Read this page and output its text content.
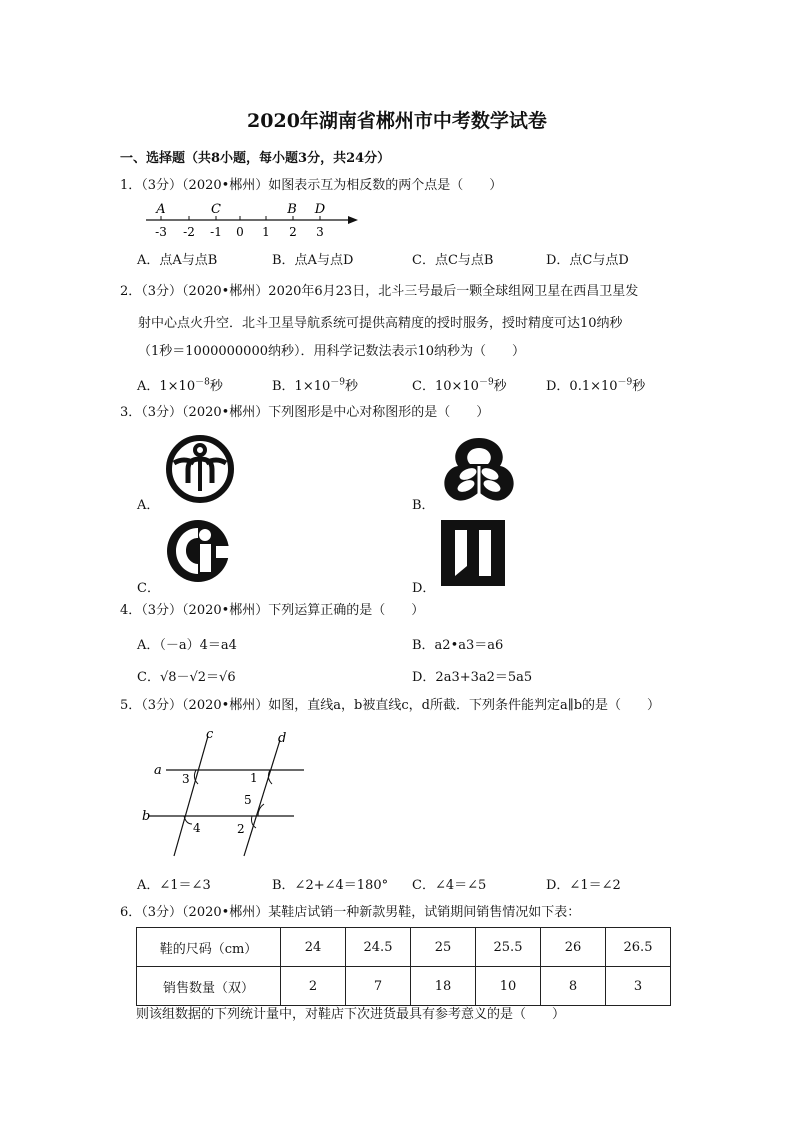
2020年湖南省郴州市中考数学试卷
一、选择题（共8小题，每小题3分，共24分）
1．（3分）（2020•郴州）如图表示互为相反数的两个点是（　　）
A	C	B D
-3 -2 -1 0 1 2 3
A．点A与点B	B．点A与点D	C．点C与点B	D．点C与点D
2．（3分）（2020•郴州）2020年6月23日，北斗三号最后一颗全球组网卫星在西昌卫星发
射中心点火升空．北斗卫星导航系统可提供高精度的授时服务，授时精度可达10纳秒
（1秒＝1000000000纳秒）．用科学记数法表示10纳秒为（　　）
A．$1\times 10^{-8}$秒	B．$1\times 10^{-9}$秒	C．$10\times 10^{-9}$秒	D．$0.1\times 10^{-9}$秒
3．（3分）（2020•郴州）下列图形是中心对称图形的是（　　）
A．	B．
C．	D．
4．（3分）（2020•郴州）下列运算正确的是（　　）
A．（－a）4＝a4	B．a2•a3＝a6
C．√8－√2＝√6	D．2a3+3a2＝5a5
5．（3分）（2020•郴州）如图，直线a，b被直线c，d所截．下列条件能判定a∥b的是（　　）
a
b
c	d
1
2
3
4
5
A．∠1＝∠3	B．∠2+∠4＝180° C．∠4＝∠5	D．∠1＝∠2
6．（3分）（2020•郴州）某鞋店试销一种新款男鞋，试销期间销售情况如下表：
鞋的尺码（cm）	24	24.5	25	25.5	26	26.5
销售数量（双）	2	7	18	10	8	3
则该组数据的下列统计量中，对鞋店下次进货最具有参考意义的是（　　）
